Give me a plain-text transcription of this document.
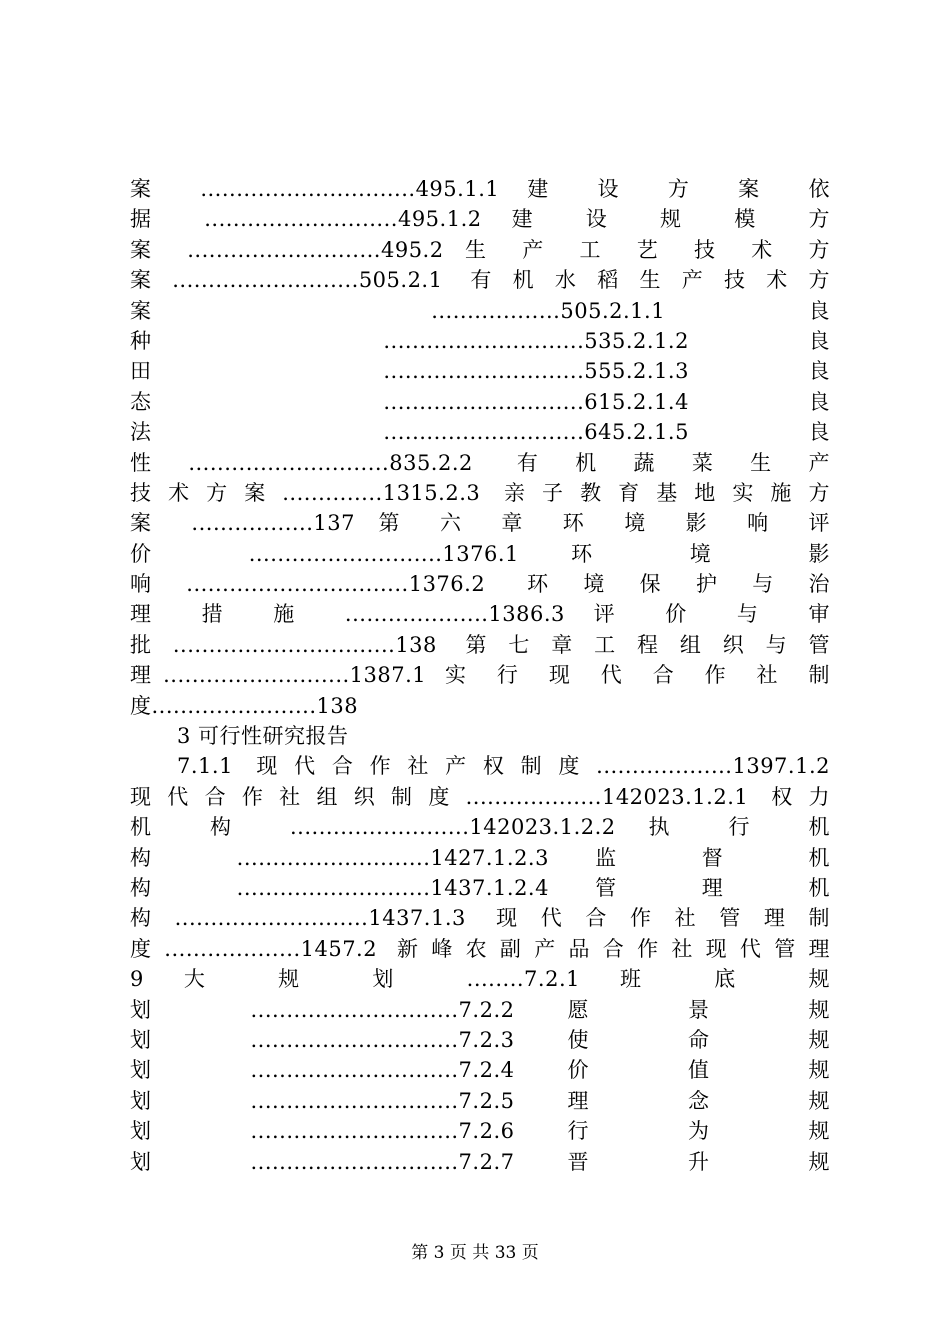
案 ..............................495.1.1 建 设 方 案 依
据 ...........................495.1.2 建 设 规 模 方
案 ...........................495.2 生 产 工 艺 技 术 方
案..........................505.2.1 有机水稻生产技术方
案 ..................505.2.1.1 良
种 ............................535.2.1.2 良
田 ............................555.2.1.3 良
态 ............................615.2.1.4 良
法 ............................645.2.1.5 良
性............................835.2.2 有机蔬菜生产
技术方案..............1315.2.3 亲子教育基地实施方
案 .................137 第 六 章 环 境 影 响 评
价 ...........................1376.1 环 境 影
响...............................1376.2 环境保护与治
理 措 施 ....................1386.3 评 价 与 审
批...............................138 第七章工程组织与管
理..........................1387.1 实 行 现 代 合 作 社 制
度.......................138
3 可行性研究报告
7.1.1 现代合作社产权制度...................1397.1.2
现代合作社组织制度...................142023.1.2.1 权力
机 构 .........................142023.1.2.2 执 行 机
构 ...........................1427.1.2.3 监 督 机
构 ...........................1437.1.2.4 管 理 机
构...........................1437.1.3 现代合作社管理制
度...................1457.2 新峰农副产品合作社现代管理
9 大 规 划 ........7.2.1 班 底 规
划 .............................7.2.2 愿 景 规
划 .............................7.2.3 使 命 规
划 .............................7.2.4 价 值 规
划 .............................7.2.5 理 念 规
划 .............................7.2.6 行 为 规
划 .............................7.2.7 晋 升 规
第 3 页 共 33 页
